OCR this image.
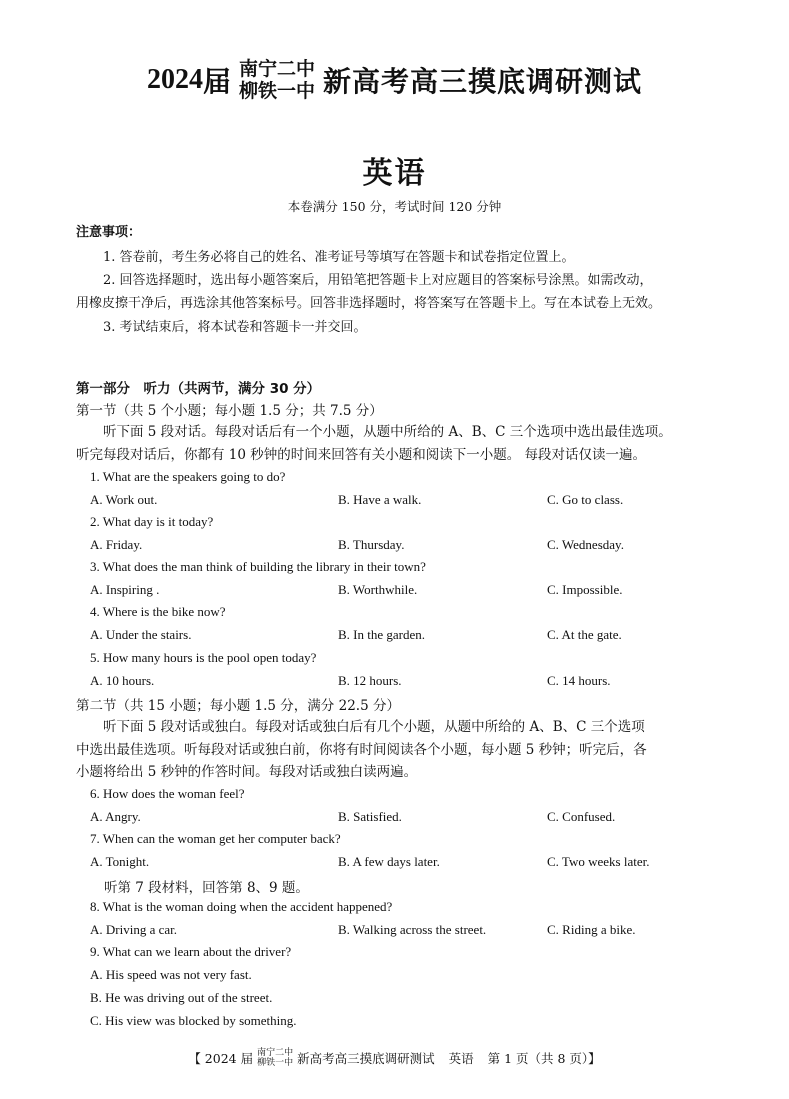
2024 届 南宁二中
柳铁一中 新高考高三摸底调研测试
英语
本卷满分 150 分，考试时间 120 分钟
注意事项：
1. 答卷前，考生务必将自己的姓名、准考证号等填写在答题卡和试卷指定位置上。
2. 回答选择题时，选出每小题答案后，用铅笔把答题卡上对应题目的答案标号涂黑。如需改动，
用橡皮擦干净后，再选涂其他答案标号。回答非选择题时，将答案写在答题卡上。写在本试卷上无效。
3. 考试结束后，将本试卷和答题卡一并交回。
第一部分　听力（共两节，满分 30 分）
第一节（共 5 个小题；每小题 1.5 分；共 7.5 分）
听下面 5 段对话。每段对话后有一个小题，从题中所给的 A、B、C 三个选项中选出最佳选项。
听完每段对话后，你都有 10 秒钟的时间来回答有关小题和阅读下一小题。 每段对话仅读一遍。
1. What are the speakers going to do?
A. Work out.	B. Have a walk.	C. Go to class.
2. What day is it today?
A. Friday.	B. Thursday.	C. Wednesday.
3. What does the man think of building the library in their town?
A. Inspiring .	B. Worthwhile.	C. Impossible.
4. Where is the bike now?
A. Under the stairs.	B. In the garden.	C. At the gate.
5. How many hours is the pool open today?
A. 10 hours.	B. 12 hours.	C. 14 hours.
第二节（共 15 小题；每小题 1.5 分，满分 22.5 分）
听下面 5 段对话或独白。每段对话或独白后有几个小题，从题中所给的 A、B、C 三个选项
中选出最佳选项。听每段对话或独白前，你将有时间阅读各个小题，每小题 5 秒钟；听完后，各
小题将给出 5 秒钟的作答时间。每段对话或独白读两遍。
6. How does the woman feel?
A. Angry.	B. Satisfied.	C. Confused.
7. When can the woman get her computer back?
A. Tonight.	B. A few days later.	C. Two weeks later.
听第 7 段材料，回答第 8、9 题。
8. What is the woman doing when the accident happened?
A. Driving a car.	B. Walking across the street.	C. Riding a bike.
9. What can we learn about the driver?
A. His speed was not very fast.
B. He was driving out of the street.
C. His view was blocked by something.
【 2024 届 南宁二中
柳铁一中 新高考高三摸底调研测试 英语 第 1 页（共 8 页）】
